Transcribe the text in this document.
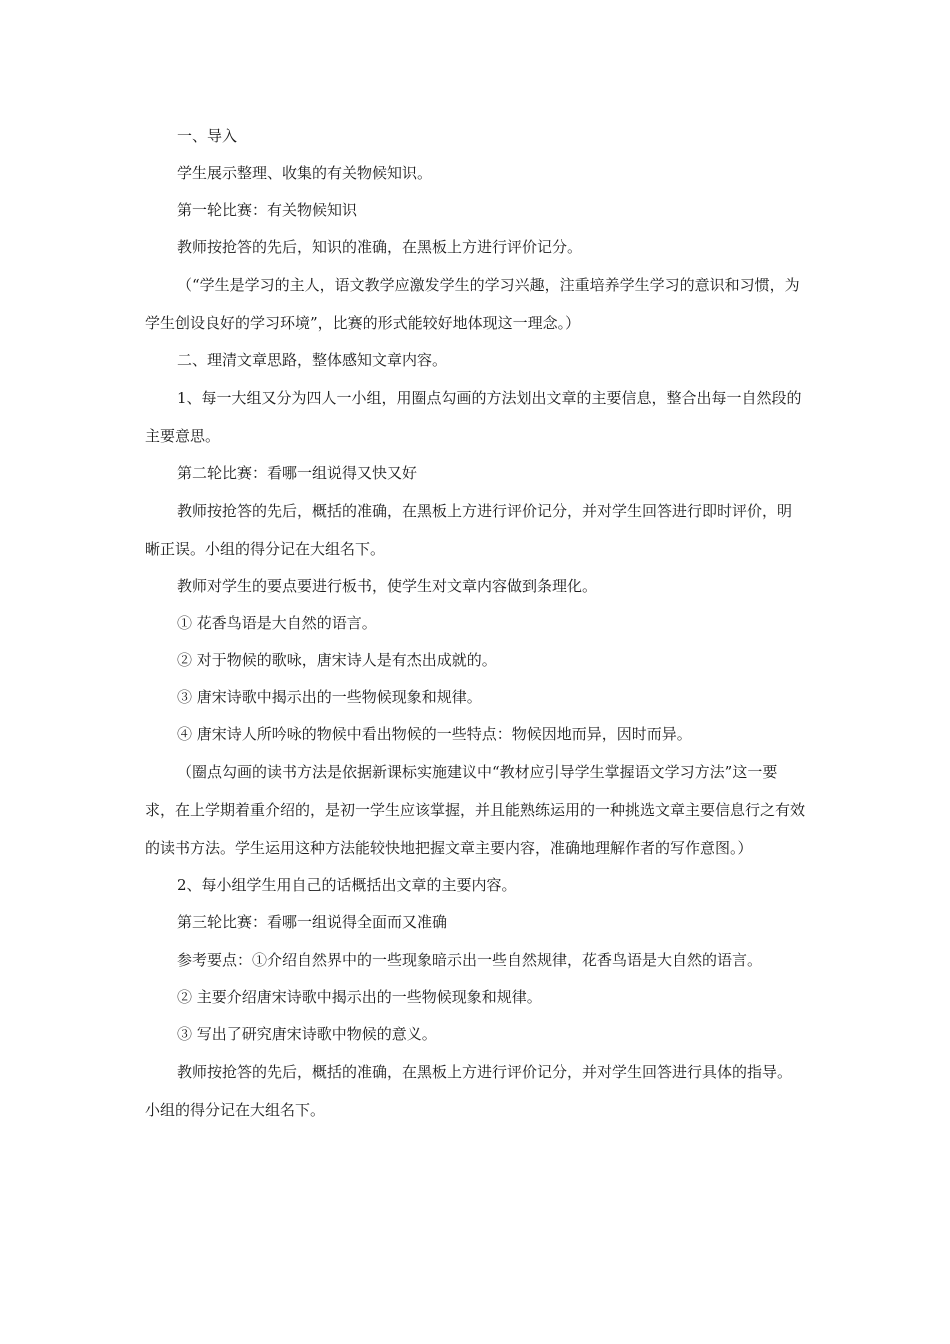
一、导入

学生展示整理、收集的有关物候知识。

第一轮比赛：有关物候知识

教师按抢答的先后，知识的准确，在黑板上方进行评价记分。

（“学生是学习的主人，语文教学应激发学生的学习兴趣，注重培养学生学习的意识和习惯，为学生创设良好的学习环境”，比赛的形式能较好地体现这一理念。）

二、理清文章思路，整体感知文章内容。

1、每一大组又分为四人一小组，用圈点勾画的方法划出文章的主要信息，整合出每一自然段的主要意思。

第二轮比赛：看哪一组说得又快又好

教师按抢答的先后，概括的准确，在黑板上方进行评价记分，并对学生回答进行即时评价，明晰正误。小组的得分记在大组名下。

教师对学生的要点要进行板书，使学生对文章内容做到条理化。

① 花香鸟语是大自然的语言。

② 对于物候的歌咏，唐宋诗人是有杰出成就的。

③ 唐宋诗歌中揭示出的一些物候现象和规律。

④ 唐宋诗人所吟咏的物候中看出物候的一些特点：物候因地而异，因时而异。

（圈点勾画的读书方法是依据新课标实施建议中“教材应引导学生掌握语文学习方法”这一要求，在上学期着重介绍的，是初一学生应该掌握，并且能熟练运用的一种挑选文章主要信息行之有效的读书方法。学生运用这种方法能较快地把握文章主要内容，准确地理解作者的写作意图。）

2、每小组学生用自己的话概括出文章的主要内容。

第三轮比赛：看哪一组说得全面而又准确

参考要点：①介绍自然界中的一些现象暗示出一些自然规律，花香鸟语是大自然的语言。

② 主要介绍唐宋诗歌中揭示出的一些物候现象和规律。

③ 写出了研究唐宋诗歌中物候的意义。

教师按抢答的先后，概括的准确，在黑板上方进行评价记分，并对学生回答进行具体的指导。小组的得分记在大组名下。
